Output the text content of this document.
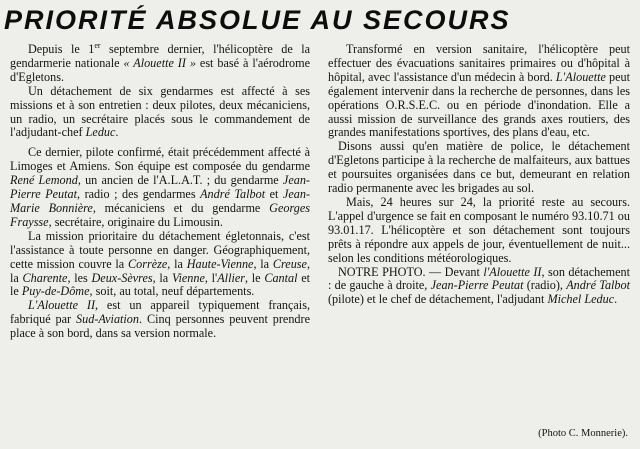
PRIORITÉ ABSOLUE AU SECOURS

Depuis le 1er septembre dernier, l'hélicoptère de la gendarmerie nationale « Alouette II » est basé à l'aérodrome d'Egletons.

Un détachement de six gendarmes est affecté à ses missions et à son entretien : deux pilotes, deux mécaniciens, un radio, un secrétaire placés sous le commandement de l'adjudant-chef Leduc.

Ce dernier, pilote confirmé, était précédemment affecté à Limoges et Amiens. Son équipe est composée du gendarme René Lemond, un ancien de l'A.L.A.T. ; du gendarme Jean-Pierre Peutat, radio ; des gendarmes André Talbot et Jean-Marie Bonnière, mécaniciens et du gendarme Georges Fraysse, secrétaire, originaire du Limousin.

La mission prioritaire du détachement égletonnais, c'est l'assistance à toute personne en danger. Géographiquement, cette mission couvre la Corrèze, la Haute-Vienne, la Creuse, la Charente, les Deux-Sèvres, la Vienne, l'Allier, le Cantal et le Puy-de-Dôme, soit, au total, neuf départements.

L'Alouette II, est un appareil typiquement français, fabriqué par Sud-Aviation. Cinq personnes peuvent prendre place à son bord, dans sa version normale.

Transformé en version sanitaire, l'hélicoptère peut effectuer des évacuations sanitaires primaires ou d'hôpital à hôpital, avec l'assistance d'un médecin à bord. L'Alouette peut également intervenir dans la recherche de personnes, dans les opérations O.R.S.E.C. ou en période d'inondation. Elle a aussi mission de surveillance des grands axes routiers, des grandes manifestations sportives, des plans d'eau, etc.

Disons aussi qu'en matière de police, le détachement d'Egletons participe à la recherche de malfaiteurs, aux battues et poursuites organisées dans ce but, demeurant en relation radio permanente avec les brigades au sol.

Mais, 24 heures sur 24, la priorité reste au secours. L'appel d'urgence se fait en composant le numéro 93.10.71 ou 93.01.17. L'hélicoptère et son détachement sont toujours prêts à répondre aux appels de jour, éventuellement de nuit... selon les conditions météorologiques.

NOTRE PHOTO. — Devant l'Alouette II, son détachement : de gauche à droite, Jean-Pierre Peutat (radio), André Talbot (pilote) et le chef de détachement, l'adjudant Michel Leduc.

(Photo C. Monnerie).
